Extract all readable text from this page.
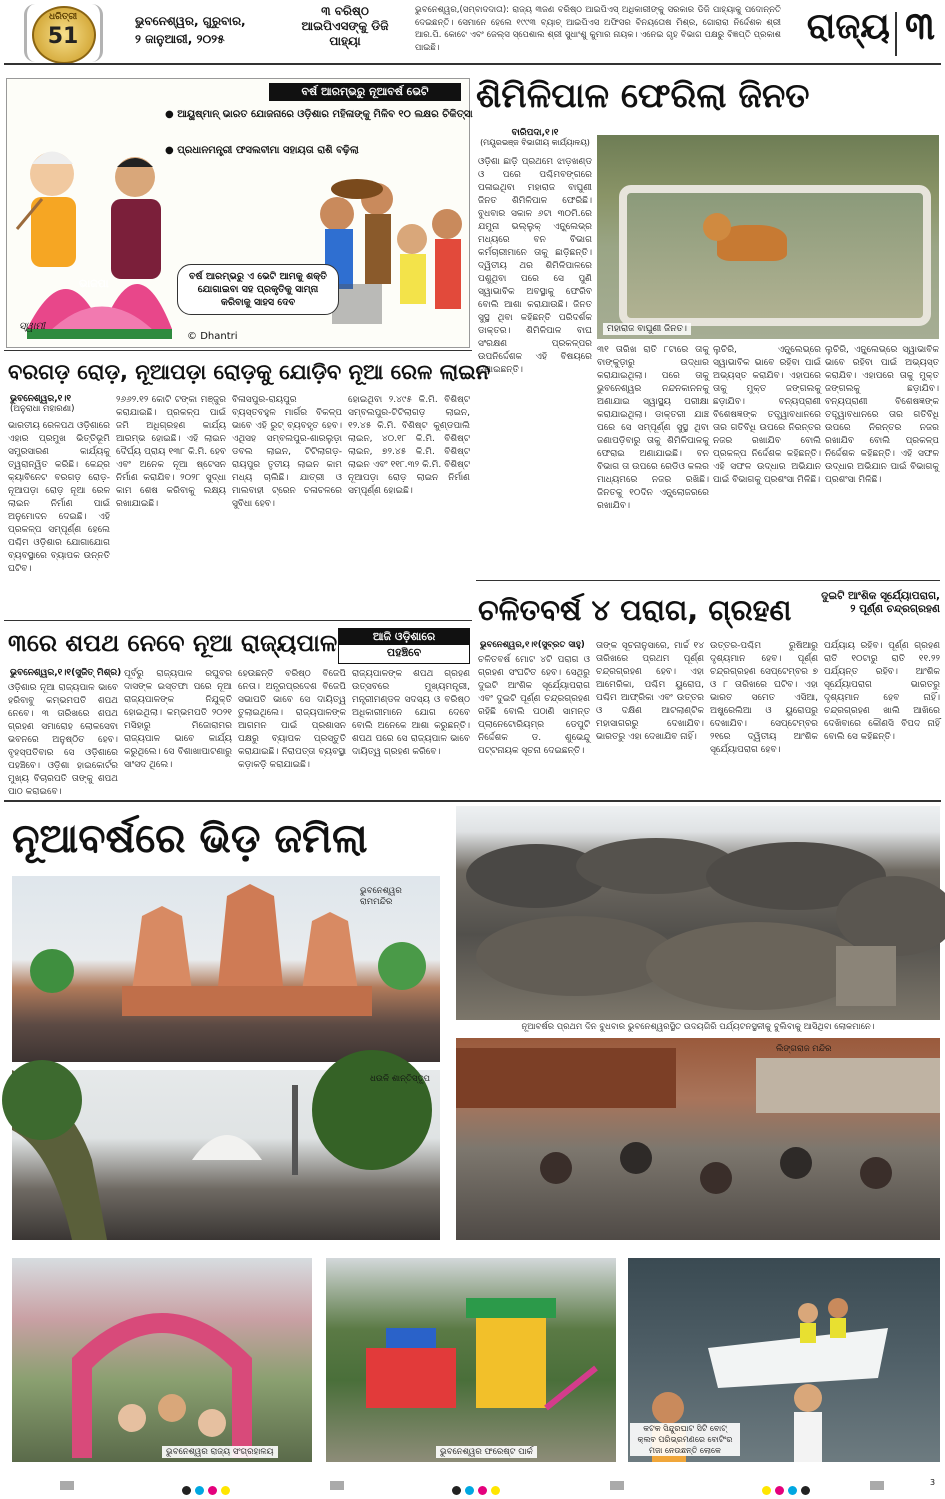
ଧରିତ୍ରୀ
51
ଭୁବନେଶ୍ୱର, ଗୁରୁବାର,
୨ ଜାନୁଆରୀ, ୨୦୨୫
୩ ବରିଷ୍ଠ
ଆଇପିଏସଙ୍କୁ ଡିଜି
ପାହ୍ୟା
ଭୁବନେଶ୍ୱର,(ସମ୍ବାଦଦାତା): ରାଜ୍ୟ ୩ଜଣ ବରିଷ୍ଠ ଆଇପିଏସ୍ ଅଧିକାରୀଙ୍କୁ ସରକାର ଡିଜି ପାହ୍ୟାକୁ ପଦୋନ୍ନତି ଦେଇଛନ୍ତି। ସେମାନେ ହେଲେ ୧୯୯୩ ବ୍ୟାଚ୍ ଆଇପିଏସ ଅଫିସର ବିନୟତୋଷ ମିଶ୍ର, ଗୋରାରା ନିର୍ଦ୍ଦେଶକ ଶ୍ରୀ ଆର.ପି. କୋଟେ ଏବଂ ଜେଲ୍ସ ସ୍ପେଶାଲ ଶ୍ରୀ ସୁଧାଂଶୁ କୁମାର ନାୟକ। ଏନେଇ ଗୃହ ବିଭାଗ ପକ୍ଷରୁ ବିଜ୍ଞପ୍ତି ପ୍ରକାଶ ପାଇଛି।
ରାଜ୍ୟ ୩
ବର୍ଷ ଆରମ୍ଭରୁ ନୂଆବର୍ଷ ଭେଟି
● ଆୟୁଷ୍ମାନ୍ ଭାରତ ଯୋଜନାରେ ଓଡ଼ିଶାର ମହିଳାଙ୍କୁ ମିଳିବ ୧୦ ଲକ୍ଷର ଚିକିତ୍ସା
● ପ୍ରଧାନମନ୍ତ୍ରୀ ଫସଲବୀମା ସହାୟତା ରାଶି ବଢ଼ିଲା
ବର୍ଷ ଆରମ୍ଭରୁ ଏ ଭେଟି ଆମକୁ ଶକ୍ତି ଯୋଗାଇବା ସହ ପ୍ରକୃତିକୁ ସାମ୍ନା କରିବାକୁ ସାହସ ଦେବ
ଭାଜପା
ସ୍ୱାମୀ
© Dhantri
ଶିମିଳିପାଳ ଫେରିଲା ଜିନତ
ବାରିପଦା,୧।୧
(ମୟୂରଭଞ୍ଜ ବିଭାଗୀୟ କାର୍ଯ୍ୟାଳୟ)
ଓଡ଼ିଶା ଛାଡ଼ି ପ୍ରଥମେ ଝାଡ଼ଖଣ୍ଡ ଓ ପରେ ପଶ୍ଚିମବଙ୍ଗରେ ପଳାଇଥିବା ମହାରାଜ ବାଘୁଣୀ ଜିନତ ଶିମିଳିପାଳ ଫେରିଛି। ବୁଧବାର ସକାଳ ୬ଟା ୩୦ମି.ରେ ଯମୁନା ଭଲ୍ଲୁକ୍ ଏନ୍କ୍ଲେଭ୍ର ମଧ୍ୟରେ ବନ ବିଭାଗ କର୍ମଚାରୀମାନେ ତାକୁ ଛାଡ଼ିଛନ୍ତି। ଦ୍ୱିତୀୟ ଥର ଶିମିଳିପାଳରେ ପଶୁଥିବା ପରେ ସେ ପୁଣି ସ୍ୱାଭାବିକ ଅବସ୍ଥାକୁ ଫେରିବ ବୋଲି ଆଶା କରାଯାଉଛି। ଜିନତ ସୁସ୍ଥ ଥିବା କହିଛନ୍ତି ପରିଦର୍ଶକ ଡାକ୍ତର। ଶିମିଳିପାଳ ବାଘ ସଂରକ୍ଷଣ ପ୍ରକଳ୍ପର ଉପନିର୍ଦ୍ଦେଶକ ଏହି ବିଷୟରେ ଜଣାଇଛନ୍ତି।
ମହାରାଜ ବାଘୁଣୀ ଜିନତ।
୩୧ ତାରିଖ ରାତି ୮ଟାରେ ତାକୁ ବାଙ୍କୁଡ଼ାରୁ ଉଦ୍ଧାର କରାଯାଇଥିଲା। ପରେ ତାକୁ ଭୁବନେଶ୍ୱର ନନ୍ଦନକାନନକୁ ଅଣାଯାଇ ସ୍ୱାସ୍ଥ୍ୟ ପରୀକ୍ଷା କରାଯାଇଥିଲା। ଡାକ୍ତରୀ ଯାଞ୍ଚ ପରେ ସେ ସମ୍ପୂର୍ଣ୍ଣ ସୁସ୍ଥ ଥିବା ଜଣାପଡ଼ିବାରୁ ତାକୁ ଶିମିଳିପାଳକୁ ଫେରାଇ ଅଣାଯାଇଛି। ବନ ବିଭାଗ ତା ଉପରେ ରେଡିଓ କଲର ମାଧ୍ୟମରେ ନଜର ରଖିଛି। ଜିନତକୁ ୧୦ଦିନ ଏନ୍କ୍ଲୋଜରରେ ରଖାଯିବ।
ଲୁଚିରି, ଏନ୍କ୍ଲେଭ୍ରେ ସ୍ୱାଭାବିକ ଭାବେ ରହିବା ପାଇଁ ଅଭ୍ୟସ୍ତ କରାଯିବ। ଏହାପରେ ତାକୁ ମୁକ୍ତ ଜଙ୍ଗଲକୁ ଛଡ଼ାଯିବ। ବନ୍ୟପ୍ରାଣୀ ବିଶେଷଜ୍ଞଙ୍କ ତତ୍ତ୍ୱାବଧାନରେ ତାର ଗତିବିଧି ଉପରେ ନିରନ୍ତର ନଜର ରଖାଯିବ ବୋଲି ପ୍ରକଳ୍ପ ନିର୍ଦ୍ଦେଶକ କହିଛନ୍ତି। ଏହି ସଫଳ ଉଦ୍ଧାର ଅଭିଯାନ ପାଇଁ ବିଭାଗକୁ ପ୍ରଶଂସା ମିଳିଛି।
ଲୁଚିରି, ଏନ୍କ୍ଲେଭ୍ରେ ସ୍ୱାଭାବିକ ଭାବେ ରହିବା ପାଇଁ ଅଭ୍ୟସ୍ତ କରାଯିବ। ଏହାପରେ ତାକୁ ମୁକ୍ତ ଜଙ୍ଗଲକୁ ଛଡ଼ାଯିବ। ବନ୍ୟପ୍ରାଣୀ ବିଶେଷଜ୍ଞଙ୍କ ତତ୍ତ୍ୱାବଧାନରେ ତାର ଗତିବିଧି ଉପରେ ନିରନ୍ତର ନଜର ରଖାଯିବ ବୋଲି ପ୍ରକଳ୍ପ ନିର୍ଦ୍ଦେଶକ କହିଛନ୍ତି। ଏହି ସଫଳ ଉଦ୍ଧାର ଅଭିଯାନ ପାଇଁ ବିଭାଗକୁ ପ୍ରଶଂସା ମିଳିଛି।
ବରଗଡ଼ ରୋଡ଼, ନୂଆପଡ଼ା ରୋଡ଼କୁ ଯୋଡ଼ିବ ନୂଆ ରେଳ ଲାଇନ
ଭୁବନେଶ୍ୱର,୧।୧
(ଅନୁରାଧା ମହାରଣା)
ଭାରତୀୟ ରେଳପଥ ଓଡ଼ିଶାରେ ଏହାର ପ୍ରମୁଖ ଭିତ୍ତିଭୂମି ସମ୍ପ୍ରସାରଣ କାର୍ଯ୍ୟକୁ ତ୍ୱରାନ୍ୱିତ କରିଛି। କେନ୍ଦ୍ର କ୍ୟାବିନେଟ ବରଗଡ଼ ରୋଡ଼-ନୂଆପଡ଼ା ରୋଡ଼ ନୂଆ ରେଳ ଲାଇନ ନିର୍ମାଣ ପାଇଁ ଅନୁମୋଦନ ଦେଇଛି। ଏହି ପ୍ରକଳ୍ପ ସମ୍ପୂର୍ଣ୍ଣ ହେଲେ ପଶ୍ଚିମ ଓଡ଼ିଶାର ଯୋଗାଯୋଗ ବ୍ୟବସ୍ଥାରେ ବ୍ୟାପକ ଉନ୍ନତି ଘଟିବ।
୨୬୬୨.୧୨ କୋଟି ଟଙ୍କା ମଞ୍ଜୁର କରାଯାଇଛି। ପ୍ରକଳ୍ପ ପାଇଁ ଜମି ଅଧିଗ୍ରହଣ କାର୍ଯ୍ୟ ଆରମ୍ଭ ହୋଇଛି। ଏହି ଲାଇନ ଦୈର୍ଘ୍ୟ ପ୍ରାୟ ୧୩୮ କି.ମି. ହେବ ଏବଂ ଅନେକ ନୂଆ ଷ୍ଟେସନ ନିର୍ମାଣ କରାଯିବ। ୨୦୨୮ ସୁଦ୍ଧା କାମ ଶେଷ କରିବାକୁ ଲକ୍ଷ୍ୟ ରଖାଯାଇଛି।
ବିଳାସପୁର-ରାୟପୁର ବ୍ୟସ୍ତବହୁଳ ମାର୍ଗର ବିକଳ୍ପ ଭାବେ ଏହି ରୁଟ୍ ବ୍ୟବହୃତ ହେବ। ଏଥିସହ ସମ୍ବଲପୁର-ଶାରଲୁଡ଼ା ଡବଲ ଲାଇନ, ଟିଟିଲାଗଡ଼-ରାୟପୁର ତୃତୀୟ ଲାଇନ କାମ ମଧ୍ୟ ଚାଲିଛି। ଯାତ୍ରୀ ଓ ମାଲବାହୀ ଟ୍ରେନ ଚଳାଚଳରେ ସୁବିଧା ହେବ।
ହୋଇଥିବା ୨.୪୯୫ କି.ମି. ବିଶିଷ୍ଟ ସମ୍ବଲପୁର-ଟିଟିଲାଗଡ଼ ଲାଇନ, ୧୨.୪୫ କି.ମି. ବିଶିଷ୍ଟ କୁଣ୍ଡପାଲି ଲାଇନ, ୪୦.୧୮ କି.ମି. ବିଶିଷ୍ଟ ଲାଇନ, ୭୨.୪୫ କି.ମି. ବିଶିଷ୍ଟ ଲାଇନ ଏବଂ ୧୧୮.୩୨ କି.ମି. ବିଶିଷ୍ଟ ନୂଆପଡ଼ା ରୋଡ଼ ଲାଇନ ନିର୍ମାଣ ସମ୍ପୂର୍ଣ୍ଣ ହୋଇଛି।
୩ରେ ଶପଥ ନେବେ ନୂଆ ରାଜ୍ୟପାଳ	ଆଜି ଓଡ଼ିଶାରେ
ପହଞ୍ଚିବେ
ଭୁବନେଶ୍ୱର,୧।୧(ସୁଜିତ୍ ମିଶ୍ର)
ଓଡ଼ିଶାର ନୂଆ ରାଜ୍ୟପାଳ ଭାବେ ହରିବାବୁ କମ୍ଭମପତି ଶପଥ ନେବେ। ୩ ତାରିଖରେ ଶପଥ ଗ୍ରହଣ ସମାରୋହ ଲୋକସେବା ଭବନରେ ଅନୁଷ୍ଠିତ ହେବ। ବୃହସ୍ପତିବାର ସେ ଓଡ଼ିଶାରେ ପହଞ୍ଚିବେ। ଓଡ଼ିଶା ହାଇକୋର୍ଟର ମୁଖ୍ୟ ବିଚାରପତି ତାଙ୍କୁ ଶପଥ ପାଠ କରାଇବେ।
ପୂର୍ବରୁ ରାଜ୍ୟପାଳ ରଘୁବର ଦାସଙ୍କ ଇସ୍ତଫା ପରେ ନୂଆ ରାଜ୍ୟପାଳଙ୍କ ନିଯୁକ୍ତି ହୋଇଥିଲା। କମ୍ଭମପତି ୨୦୨୧ ମସିହାରୁ ମିଜୋରାମର ରାଜ୍ୟପାଳ ଭାବେ କାର୍ଯ୍ୟ କରୁଥିଲେ। ସେ ବିଶାଖାପାଟଣାରୁ ସାଂସଦ ଥିଲେ।
ହେଉଛନ୍ତି ବରିଷ୍ଠ ବିଜେପି ନେତା। ଅନ୍ଧ୍ରପ୍ରଦେଶ ବିଜେପି ସଭାପତି ଭାବେ ସେ ଦାୟିତ୍ୱ ତୁଲାଇଥିଲେ। ରାଜ୍ୟପାଳଙ୍କ ଆଗମନ ପାଇଁ ପ୍ରଶାସନ ପକ୍ଷରୁ ବ୍ୟାପକ ପ୍ରସ୍ତୁତି କରାଯାଇଛି। ନିରାପତ୍ତା ବ୍ୟବସ୍ଥା କଡ଼ାକଡ଼ି କରାଯାଇଛି।
ରାଜ୍ୟପାଳଙ୍କ ଶପଥ ଗ୍ରହଣ ଉତ୍ସବରେ ମୁଖ୍ୟମନ୍ତ୍ରୀ, ମନ୍ତ୍ରୀମଣ୍ଡଳ ସଦସ୍ୟ ଓ ବରିଷ୍ଠ ଅଧିକାରୀମାନେ ଯୋଗ ଦେବେ ବୋଲି ଅନେକେ ଆଶା କରୁଛନ୍ତି। ଶପଥ ପରେ ସେ ରାଜ୍ୟପାଳ ଭାବେ ଦାୟିତ୍ୱ ଗ୍ରହଣ କରିବେ।
ଚଳିତବର୍ଷ ୪ ପରାଗ, ଗ୍ରହଣ	ଦୁଇଟି ଆଂଶିକ ସୂର୍ଯ୍ୟୋପରାଗ,
୨ ପୂର୍ଣ୍ଣ ଚନ୍ଦ୍ରଗ୍ରହଣ
ଭୁବନେଶ୍ୱର,୧।୧(ସୁବ୍ରତ ସାହୁ)
ଚଳିତବର୍ଷ ମୋଟ ୪ଟି ପରାଗ ଓ ଗ୍ରହଣ ସଂଘଟିତ ହେବ। ସେଥିରୁ ଦୁଇଟି ଆଂଶିକ ସୂର୍ଯ୍ୟୋପରାଗ ଏବଂ ଦୁଇଟି ପୂର୍ଣ୍ଣ ଚନ୍ଦ୍ରଗ୍ରହଣ ରହିଛି ବୋଲି ପଠାଣି ସାମନ୍ତ ପ୍ଲାନେଟୋରିୟମ୍ର ଡେପୁଟି ନିର୍ଦ୍ଦେଶକ ଡ. ଶୁଭେନ୍ଦୁ ପଟ୍ଟନାୟକ ସୂଚନା ଦେଇଛନ୍ତି।
ତାଙ୍କ ସୂଚନାନୁସାରେ, ମାର୍ଚ୍ଚ ୧୪ ତାରିଖରେ ପ୍ରଥମ ପୂର୍ଣ୍ଣ ଚନ୍ଦ୍ରଗ୍ରହଣ ହେବ। ଏହା ଆମେରିକା, ପଶ୍ଚିମ ୟୁରୋପ, ପଶ୍ଚିମ ଆଫ୍ରିକା ଏବଂ ଉତ୍ତର ଓ ଦକ୍ଷିଣ ଆଟଲାଣ୍ଟିକ ମହାସାଗରରୁ ଦେଖାଯିବ। ଭାରତରୁ ଏହା ଦେଖାଯିବ ନାହିଁ।
ଉତ୍ତର-ପଶ୍ଚିମ ରୁଷିଆରୁ ଦୃଶ୍ୟମାନ ହେବ। ପୂର୍ଣ୍ଣ ଚନ୍ଦ୍ରଗ୍ରହଣ ସେପ୍ଟେମ୍ବର ୭ ଓ ୮ ତାରିଖରେ ଘଟିବ। ଏହା ଭାରତ ସମେତ ଏସିଆ, ଅଷ୍ଟ୍ରେଲିଆ ଓ ୟୁରୋପରୁ ଦେଖାଯିବ। ସେପ୍ଟେମ୍ବର ୨୧ରେ ଦ୍ୱିତୀୟ ଆଂଶିକ ସୂର୍ଯ୍ୟୋପରାଗ ହେବ।
ପର୍ଯ୍ୟାୟ ରହିବ। ପୂର୍ଣ୍ଣ ଗ୍ରହଣ ରାତି ୧୦ଟାରୁ ରାତି ୧୧.୨୨ ପର୍ଯ୍ୟନ୍ତ ରହିବ। ଆଂଶିକ ସୂର୍ଯ୍ୟୋପରାଗ ଭାରତରୁ ଦୃଶ୍ୟମାନ ହେବ ନାହିଁ। ଚନ୍ଦ୍ରଗ୍ରହଣ ଖାଲି ଆଖିରେ ଦେଖିବାରେ କୌଣସି ବିପଦ ନାହିଁ ବୋଲି ସେ କହିଛନ୍ତି।
ନୂଆବର୍ଷରେ ଭିଡ଼ ଜମିଲା
ଭୁବନେଶ୍ୱର ରାମମନ୍ଦିର
ନୂଆବର୍ଷର ପ୍ରଥମ ଦିନ ବୁଧବାର ଭୁବନେଶ୍ୱରସ୍ଥିତ ଉଦୟଗିରି ପର୍ଯ୍ୟଟନସ୍ଥଳୀକୁ ବୁଲିବାକୁ ଆସିଥିବା ଲୋକମାନେ।
ଧଉଳି ଶାନ୍ତିସ୍ତୂପ
ଲିଙ୍ଗରାଜ ମନ୍ଦିର
ଭୁବନେଶ୍ୱର ରାଜ୍ୟ ସଂଗ୍ରହାଳୟ	ଭୁବନେଶ୍ୱର ଫରେଷ୍ଟ ପାର୍କ
କଟକ ସିନ୍ଦୁରଘାଟ ସିଟି ବୋଟ୍
କ୍ଲବ ପରିଭ୍ରମଣରେ ବୋଟିଂର
ମଜା ନେଉଛନ୍ତି ଲୋକେ
3
